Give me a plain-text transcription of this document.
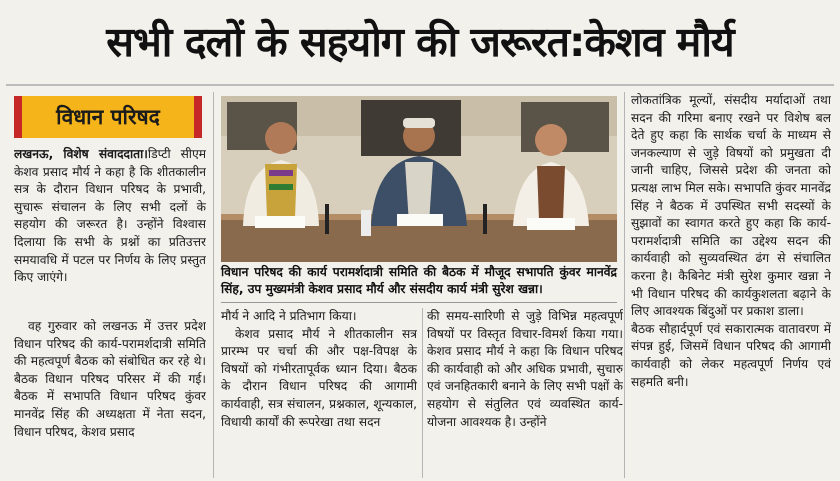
सभी दलों के सहयोग की जरूरत:केशव मौर्य
विधान परिषद

लखनऊ, विशेष संवाददाता।डिप्टी सीएम केशव प्रसाद मौर्य ने कहा है कि शीतकालीन सत्र के दौरान विधान परिषद के प्रभावी, सुचारू संचालन के लिए सभी दलों के सहयोग की जरूरत है। उन्होंने विश्वास दिलाया कि सभी के प्रश्नों का प्रतिउत्तर समयावधि में पटल पर निर्णय के लिए प्रस्तुत किए जाएंगे।

वह गुरुवार को लखनऊ में उत्तर प्रदेश विधान परिषद की कार्य-परामर्शदात्री समिति की महत्वपूर्ण बैठक को संबोधित कर रहे थे। बैठक विधान परिषद परिसर में की गई। बैठक में सभापति विधान परिषद कुंवर मानवेंद्र सिंह की अध्यक्षता में नेता सदन, विधान परिषद, केशव प्रसाद

विधान परिषद की कार्य परामर्शदात्री समिति की बैठक में मौजूद सभापति कुंवर मानवेंद्र सिंह, उप मुख्यमंत्री केशव प्रसाद मौर्य और संसदीय कार्य मंत्री सुरेश खन्ना।

मौर्य ने आदि ने प्रतिभाग किया।

केशव प्रसाद मौर्य ने शीतकालीन सत्र प्रारम्भ पर चर्चा की और पक्ष-विपक्ष के विषयों को गंभीरतापूर्वक ध्यान दिया। बैठक के दौरान विधान परिषद की आगामी कार्यवाही, सत्र संचालन, प्रश्नकाल, शून्यकाल, विधायी कार्यों की रूपरेखा तथा सदन

की समय-सारिणी से जुड़े विभिन्न महत्वपूर्ण विषयों पर विस्तृत विचार-विमर्श किया गया। केशव प्रसाद मौर्य ने कहा कि विधान परिषद की कार्यवाही को और अधिक प्रभावी, सुचारु एवं जनहितकारी बनाने के लिए सभी पक्षों के सहयोग से संतुलित एवं व्यवस्थित कार्य-योजना आवश्यक है। उन्होंने

लोकतांत्रिक मूल्यों, संसदीय मर्यादाओं तथा सदन की गरिमा बनाए रखने पर विशेष बल देते हुए कहा कि सार्थक चर्चा के माध्यम से जनकल्याण से जुड़े विषयों को प्रमुखता दी जानी चाहिए, जिससे प्रदेश की जनता को प्रत्यक्ष लाभ मिल सके। सभापति कुंवर मानवेंद्र सिंह ने बैठक में उपस्थित सभी सदस्यों के सुझावों का स्वागत करते हुए कहा कि कार्य-परामर्शदात्री समिति का उद्देश्य सदन की कार्यवाही को सुव्यवस्थित ढंग से संचालित करना है। कैबिनेट मंत्री सुरेश कुमार खन्ना ने भी विधान परिषद की कार्यकुशलता बढ़ाने के लिए आवश्यक बिंदुओं पर प्रकाश डाला।

बैठक सौहार्दपूर्ण एवं सकारात्मक वातावरण में संपन्न हुई, जिसमें विधान परिषद की आगामी कार्यवाही को लेकर महत्वपूर्ण निर्णय एवं सहमति बनी।
